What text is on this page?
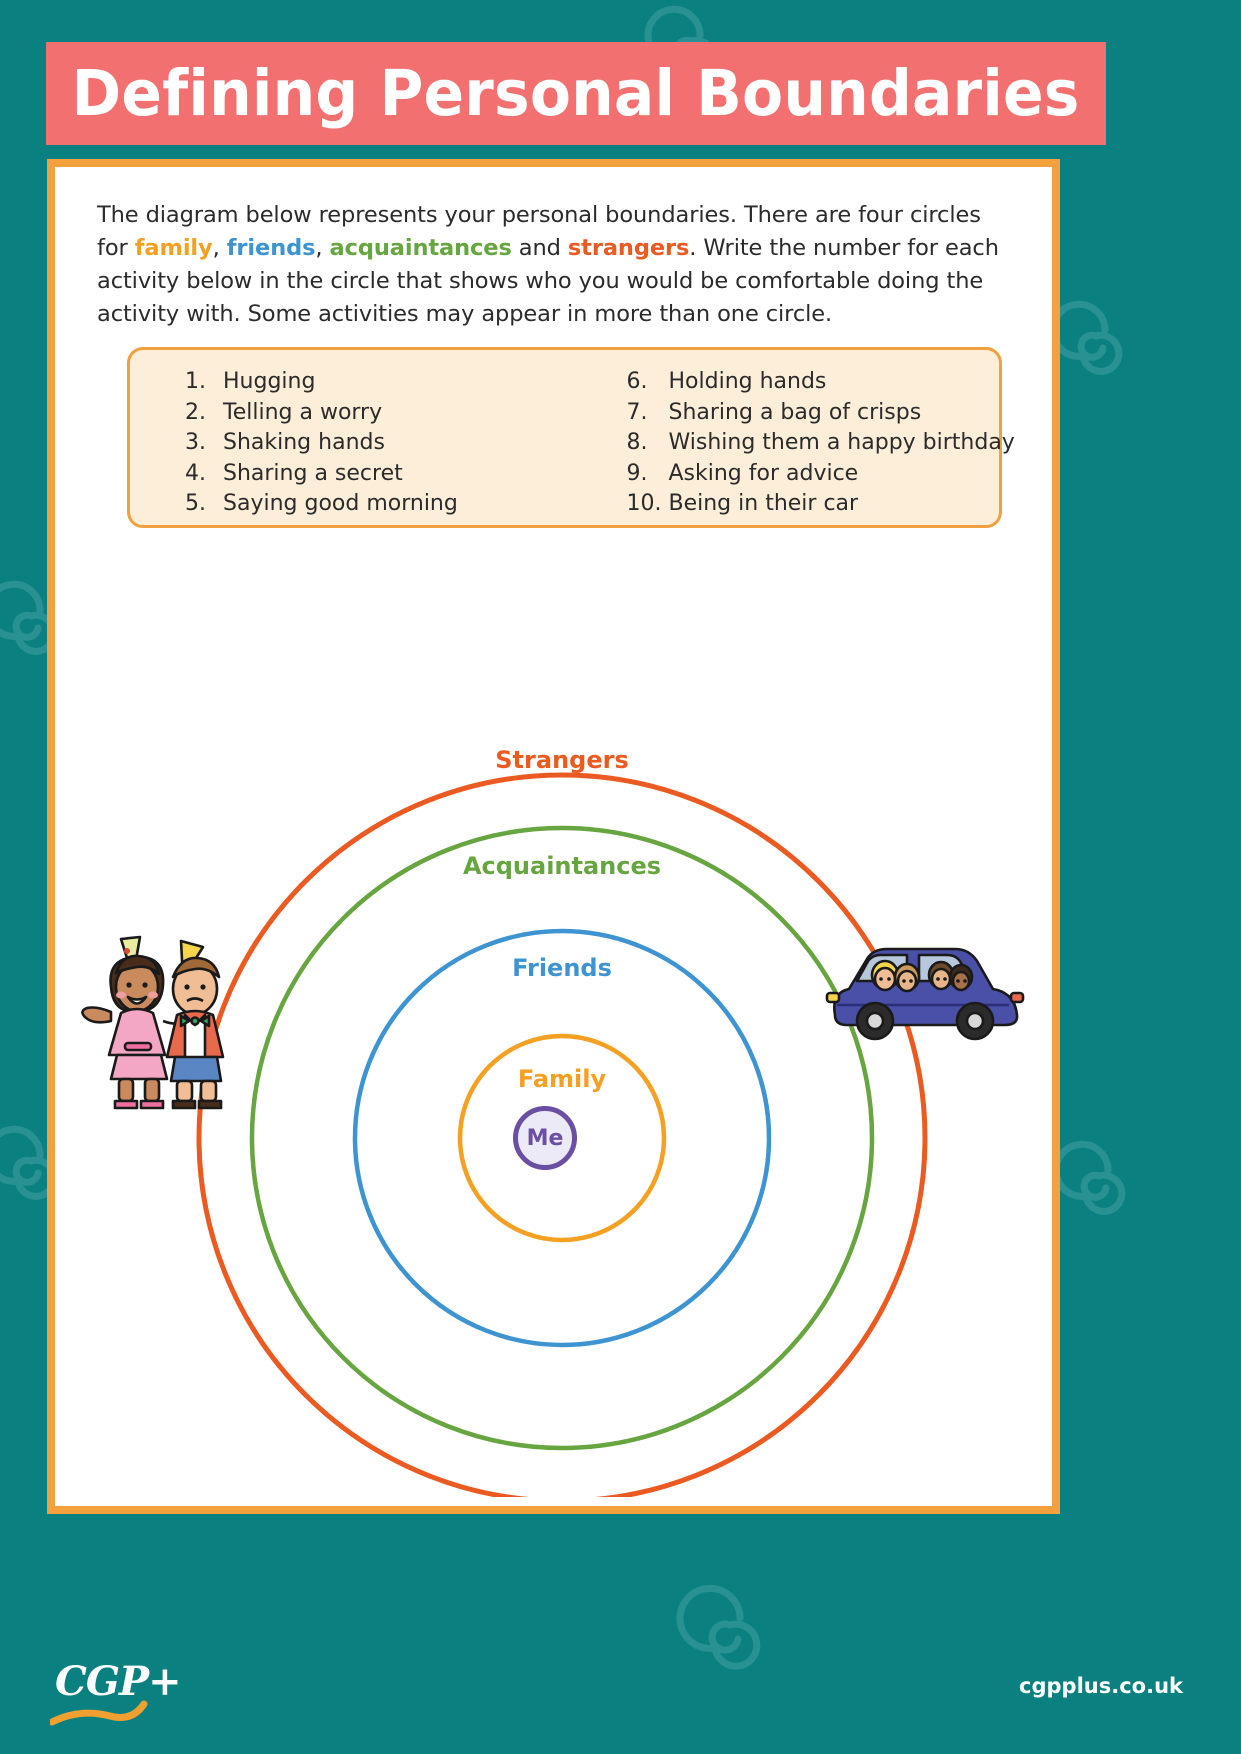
Defining Personal Boundaries

The diagram below represents your personal boundaries. There are four circles for family, friends, acquaintances and strangers. Write the number for each activity below in the circle that shows who you would be comfortable doing the activity with. Some activities may appear in more than one circle.

1. Hugging
2. Telling a worry
3. Shaking hands
4. Sharing a secret
5. Saying good morning
6. Holding hands
7. Sharing a bag of crisps
8. Wishing them a happy birthday
9. Asking for advice
10. Being in their car
Strangers
Acquaintances
Friends
Family
Me
CGP+	cgpplus.co.uk
